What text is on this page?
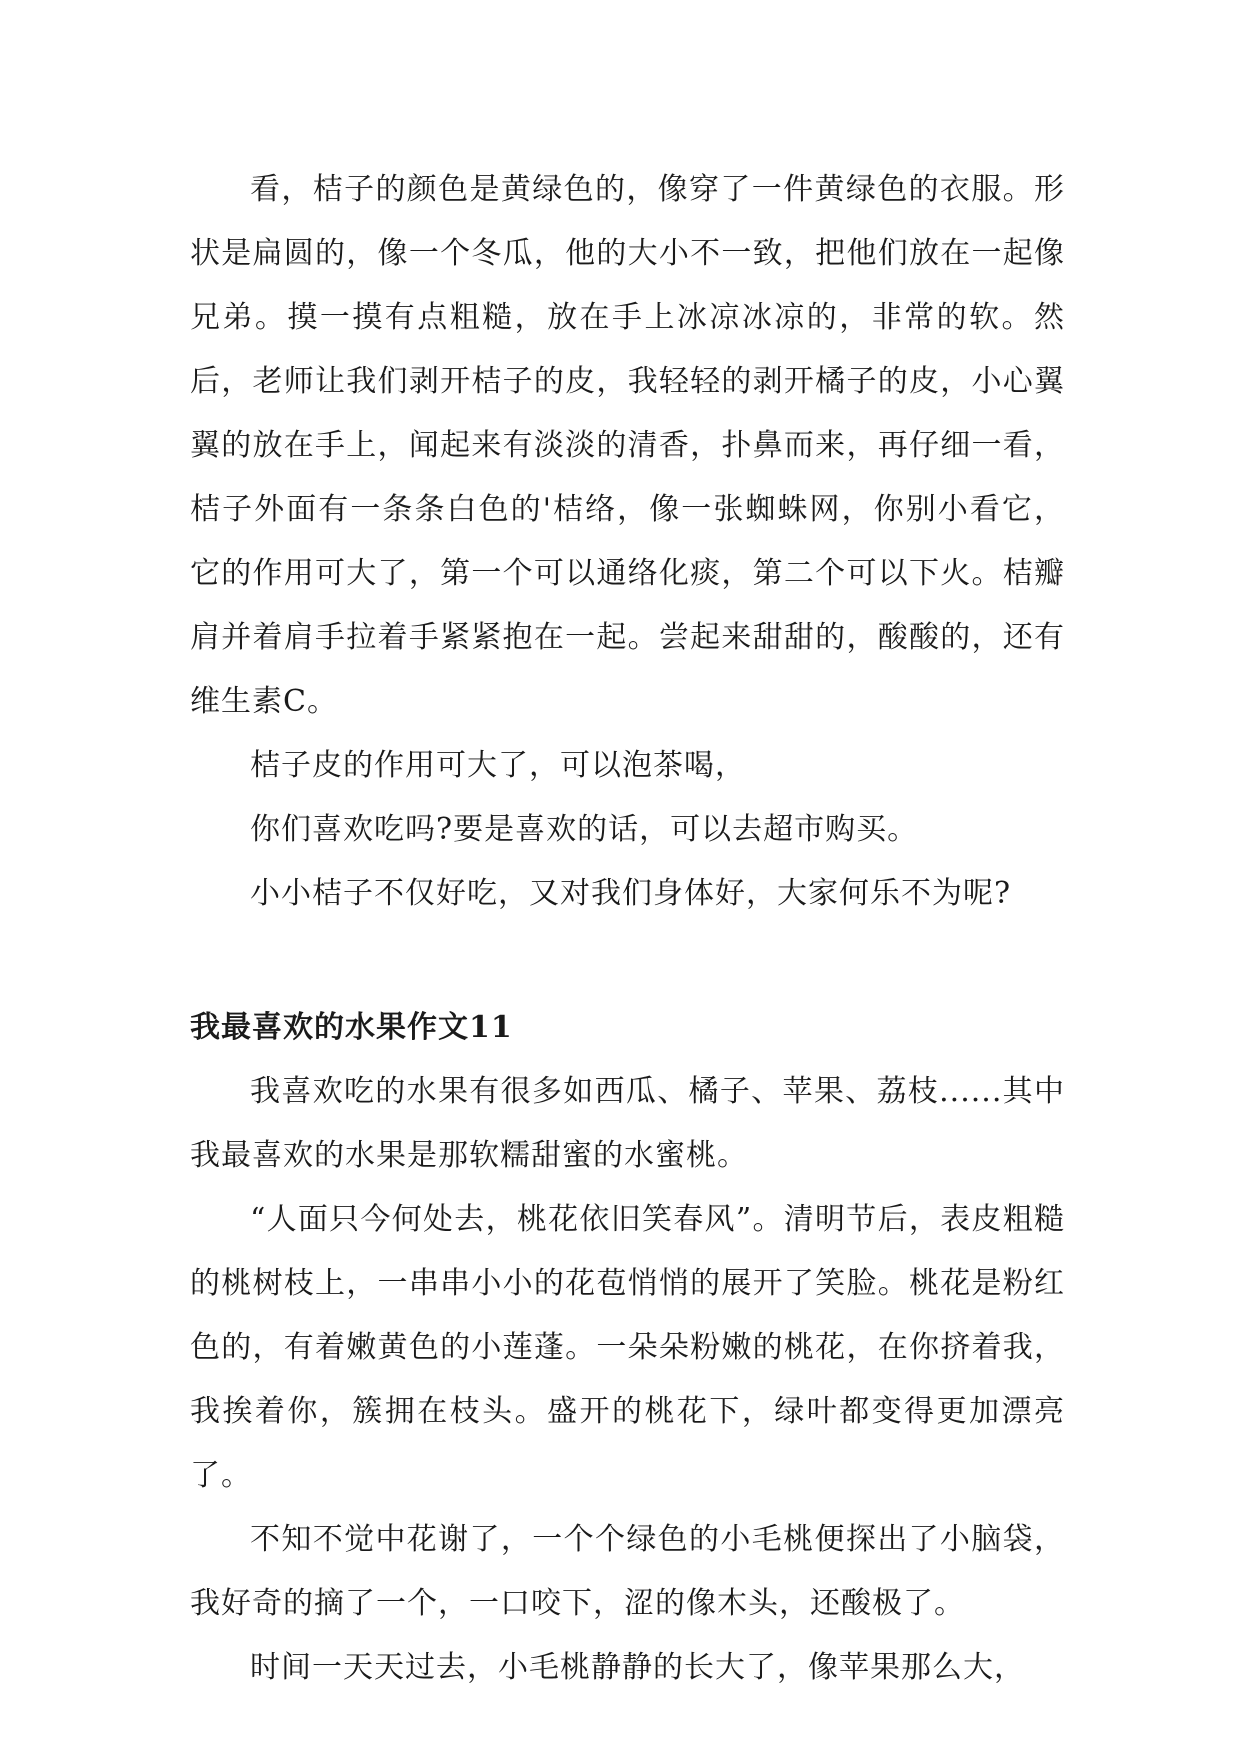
看，桔子的颜色是黄绿色的，像穿了一件黄绿色的衣服。形状是扁圆的，像一个冬瓜，他的大小不一致，把他们放在一起像兄弟。摸一摸有点粗糙，放在手上冰凉冰凉的，非常的软。然后，老师让我们剥开桔子的皮，我轻轻的剥开橘子的皮，小心翼翼的放在手上，闻起来有淡淡的清香，扑鼻而来，再仔细一看，桔子外面有一条条白色的'桔络，像一张蜘蛛网，你别小看它，它的作用可大了，第一个可以通络化痰，第二个可以下火。桔瓣肩并着肩手拉着手紧紧抱在一起。尝起来甜甜的，酸酸的，还有维生素C。

桔子皮的作用可大了，可以泡茶喝，

你们喜欢吃吗?要是喜欢的话，可以去超市购买。

小小桔子不仅好吃，又对我们身体好，大家何乐不为呢?

我最喜欢的水果作文11

我喜欢吃的水果有很多如西瓜、橘子、苹果、荔枝......其中我最喜欢的水果是那软糯甜蜜的水蜜桃。

“人面只今何处去，桃花依旧笑春风”。清明节后，表皮粗糙的桃树枝上，一串串小小的花苞悄悄的展开了笑脸。桃花是粉红色的，有着嫩黄色的小莲蓬。一朵朵粉嫩的桃花，在你挤着我，我挨着你，簇拥在枝头。盛开的桃花下，绿叶都变得更加漂亮了。

不知不觉中花谢了，一个个绿色的小毛桃便探出了小脑袋，我好奇的摘了一个，一口咬下，涩的像木头，还酸极了。

时间一天天过去，小毛桃静静的长大了，像苹果那么大，
